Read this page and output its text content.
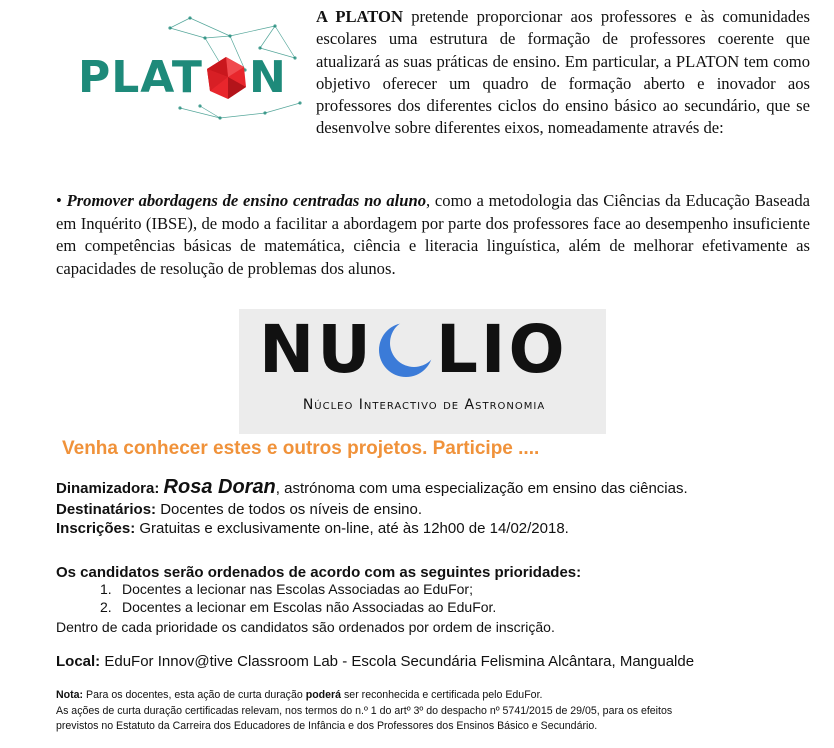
PLAT N
A PLATON pretende proporcionar aos professores e às comunidades escolares uma estrutura de formação de professores coerente que atualizará as suas práticas de ensino. Em particular, a PLATON tem como objetivo oferecer um quadro de formação aberto e inovador aos professores dos diferentes ciclos do ensino básico ao secundário, que se desenvolve sobre diferentes eixos, nomeadamente através de:
• Promover abordagens de ensino centradas no aluno, como a metodologia das Ciências da Educação Baseada em Inquérito (IBSE), de modo a facilitar a abordagem por parte dos professores face ao desempenho insuficiente em competências básicas de matemática, ciência e literacia linguística, além de melhorar efetivamente as capacidades de resolução de problemas dos alunos.
NU LIO
Núcleo Interactivo de Astronomia
Venha conhecer estes e outros projetos. Participe ....
Dinamizadora: Rosa Doran, astrónoma com uma especialização em ensino das ciências.
Destinatários: Docentes de todos os níveis de ensino.
Inscrições: Gratuitas e exclusivamente on-line, até às 12h00 de 14/02/2018.
Os candidatos serão ordenados de acordo com as seguintes prioridades:
1. Docentes a lecionar nas Escolas Associadas ao EduFor;
2. Docentes a lecionar em Escolas não Associadas ao EduFor.
Dentro de cada prioridade os candidatos são ordenados por ordem de inscrição.
Local: EduFor Innov@tive Classroom Lab - Escola Secundária Felismina Alcântara, Mangualde
Nota: Para os docentes, esta ação de curta duração poderá ser reconhecida e certificada pelo EduFor.
As ações de curta duração certificadas relevam, nos termos do n.º 1 do artº 3º do despacho nº 5741/2015 de 29/05, para os efeitos
previstos no Estatuto da Carreira dos Educadores de Infância e dos Professores dos Ensinos Básico e Secundário.
